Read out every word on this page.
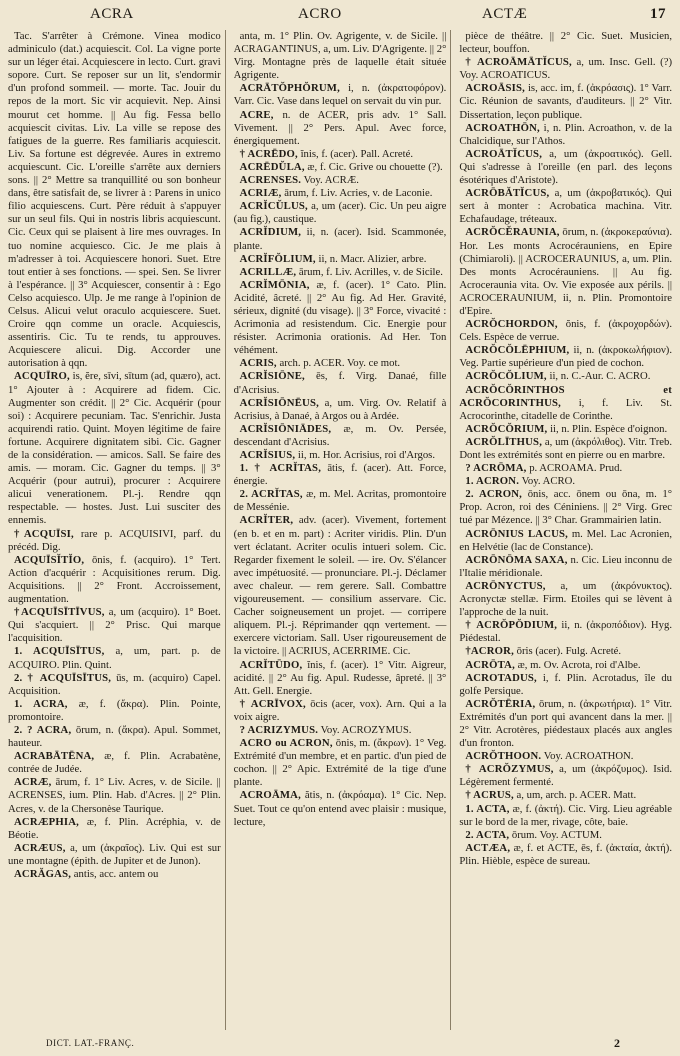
ACRA	ACRO	ACTÆ	17
Tac. S'arrêter à Crémone. Vinea modico adminiculo (dat.) acquiescit. Col. La vigne porte sur un léger étai. Acquiescere in lecto. Curt. gravi sopore. Curt. Se reposer sur un lit, s'endormir d'un profond sommeil. — morte. Tac. Jouir du repos de la mort. Sic vir acquievit. Nep. Ainsi mourut cet homme. || Au fig. Fessa bello acquiescit civitas. Liv. La ville se repose des fatigues de la guerre. Res familiaris acquiescit. Liv. Sa fortune est dégrevée. Aures in extremo acquiescunt. Cic. L'oreille s'arrête aux derniers sons. || 2° Mettre sa tranquillité ou son bonheur dans, être satisfait de, se livrer à : Parens in unico filio acquiescens. Curt. Père réduit à s'appuyer sur un seul fils. Qui in nostris libris acquiescunt. Cic. Ceux qui se plaisent à lire mes ouvrages. In tuo nomine acquiesco. Cic. Je me plais à m'adresser à toi. Acquiescere honori. Suet. Etre tout entier à ses fonctions. — spei. Sen. Se livrer à l'espérance. || 3° Acquiescer, consentir à : Ego Celso acquiesco. Ulp. Je me range à l'opinion de Celsus. Alicui velut oraculo acquiescere. Suet. Croire qqn comme un oracle. Acquiescis, assentiris. Cic. Tu te rends, tu approuves. Acquiescere alicui. Dig. Accorder une autorisation à qqn.
ACQUĪRO, is, ĕre, sīvi, sītum (ad, quæro), act. 1° Ajouter à : Acquirere ad fidem. Cic. Augmenter son crédit. || 2° Cic. Acquérir (pour soi) : Acquirere pecuniam. Tac. S'enrichir. Justa acquirendi ratio. Quint. Moyen légitime de faire fortune. Acquirere dignitatem sibi. Cic. Gagner de la considération. — amicos. Sall. Se faire des amis. — moram. Cic. Gagner du temps. || 3° Acquérir (pour autrui), procurer : Acquirere alicui venerationem. Pl.-j. Rendre qqn respectable. — hostes. Just. Lui susciter des ennemis.
†ACQUĪSI, rare p. ACQUISIVI, parf. du précéd. Dig.
ACQUĪSĬTĬO, ōnis, f. (acquiro). 1° Tert. Action d'acquérir : Acquisitiones rerum. Dig. Acquisitions. || 2° Front. Accroissement, augmentation.
†ACQUĪSĪTĪVUS, a, um (acquiro). 1° Boet. Qui s'acquiert. || 2° Prisc. Qui marque l'acquisition.
1. ACQUĪSĪTUS, a, um, part. p. de ACQUIRO. Plin. Quint.
2. † ACQUĪSĪTUS, ūs, m. (acquiro) Capel. Acquisition.
1. ACRA, æ, f. (ἄκρα). Plin. Pointe, promontoire.
2. ? ACRA, ōrum, n. (ἄκρα). Apul. Sommet, hauteur.
ACRABĀTĒNA, æ, f. Plin. Acrabatène, contrée de Judée.
ACRÆ, ārum, f. 1° Liv. Acres, v. de Sicile. || ACRENSES, ium. Plin. Hab. d'Acres. || 2° Plin. Acres, v. de la Chersonèse Taurique.
ACRÆPHIA, æ, f. Plin. Acréphia, v. de Béotie.
ACRÆUS, a, um (ἀκραῖος). Liv. Qui est sur une montagne (épith. de Jupiter et de Junon).
ACRĂGAS, antis, acc. antem ou
anta, m. 1° Plin. Ov. Agrigente, v. de Sicile. || ACRAGANTINUS, a, um. Liv. D'Agrigente. || 2° Virg. Montagne près de laquelle était située Agrigente.
ACRĀTŎPHŎRUM, i, n. (ἀκρατοφόρον). Varr. Cic. Vase dans lequel on servait du vin pur.
ACRE, n. de ACER, pris adv. 1° Sall. Vivement. || 2° Pers. Apul. Avec force, énergiquement.
† ACRĒDO, ĭnis, f. (acer). Pall. Acreté.
ACRĒDŬLA, æ, f. Cic. Grive ou chouette (?).
ACRENSES. Voy. ACRÆ.
ACRIÆ, ārum, f. Liv. Acries, v. de Laconie.
ACRĬCŬLUS, a, um (acer). Cic. Un peu aigre (au fig.), caustique.
ACRĬDIUM, ii, n. (acer). Isid. Scammonée, plante.
ACRĬFŎLIUM, ii, n. Macr. Alizier, arbre.
ACRILLÆ, ārum, f. Liv. Acrilles, v. de Sicile.
ACRĬMŌNIA, æ, f. (acer). 1° Cato. Plin. Acidité, âcreté. || 2° Au fig. Ad Her. Gravité, sérieux, dignité (du visage). || 3° Force, vivacité : Acrimonia ad resistendum. Cic. Energie pour résister. Acrimonia orationis. Ad Her. Ton véhément.
ACRIS, arch. p. ACER. Voy. ce mot.
ACRĬSIŌNE, ēs, f. Virg. Danaé, fille d'Acrisius.
ACRĬSIŌNĒUS, a, um. Virg. Ov. Relatif à Acrisius, à Danaé, à Argos ou à Ardée.
ACRĬSIŌNIĀDES, æ, m. Ov. Persée, descendant d'Acrisius.
ACRĬSIUS, ii, m. Hor. Acrisius, roi d'Argos.
1. † ACRĬTAS, ātis, f. (acer). Att. Force, énergie.
2. ACRĬTAS, æ, m. Mel. Acritas, promontoire de Messénie.
ACRĬTER, adv. (acer). Vivement, fortement (en b. et en m. part) : Acriter viridis. Plin. D'un vert éclatant. Acriter oculis intueri solem. Cic. Regarder fixement le soleil. — ire. Ov. S'élancer avec impétuosité. — pronunciare. Pl.-j. Déclamer avec chaleur. — rem gerere. Sall. Combattre vigoureusement. — consilium asservare. Cic. Cacher soigneusement un projet. — corripere aliquem. Pl.-j. Réprimander qqn vertement. — exercere victoriam. Sall. User rigoureusement de la victoire. || ACRIUS, ACERRIME. Cic.
ACRĬTŪDO, ĭnis, f. (acer). 1° Vitr. Aigreur, acidité. || 2° Au fig. Apul. Rudesse, âpreté. || 3° Att. Gell. Energie.
† ACRĪVOX, ōcis (acer, vox). Arn. Qui a la voix aigre.
? ACRIZYMUS. Voy. ACROZYMUS.
ACRO ou ACRON, ōnis, m. (ἄκρων). 1° Veg. Extrémité d'un membre, et en partic. d'un pied de cochon. || 2° Apic. Extrémité de la tige d'une plante.
ACROĀMA, ătis, n. (ἀκρόαμα). 1° Cic. Nep. Suet. Tout ce qu'on entend avec plaisir : musique, lecture,
pièce de théâtre. || 2° Cic. Suet. Musicien, lecteur, bouffon.
† ACROĀMĀTĬCUS, a, um. Insc. Gell. (?) Voy. ACROATICUS.
ACROĀSIS, is, acc. im, f. (ἀκρόασις). 1° Varr. Cic. Réunion de savants, d'auditeurs. || 2° Vitr. Dissertation, leçon publique.
ACROATHŌN, i, n. Plin. Acroathon, v. de la Chalcidique, sur l'Athos.
ACROĀTĬCUS, a, um (ἀκροατικός). Gell. Qui s'adresse à l'oreille (en parl. des leçons ésotériques d'Aristote).
ACRŌBĂTĬCUS, a, um (ἀκροβατικός). Qui sert à monter : Acrobatica machina. Vitr. Echafaudage, tréteaux.
ACRŎCĔRAUNIA, ōrum, n. (ἀκροκεραύνια). Hor. Les monts Acrocérauniens, en Epire (Chimiaroli). || ACROCERAUNIUS, a, um. Plin. Des monts Acrocérauniens. || Au fig. Acroceraunia vita. Ov. Vie exposée aux périls. || ACROCERAUNIUM, ii, n. Plin. Promontoire d'Epire.
ACRŎCHORDON, ŏnis, f. (ἀκροχορδών). Cels. Espèce de verrue.
ACRŎCŎLĒPHIUM, ii, n. (ἀκροκωλήφιον). Veg. Partie supérieure d'un pied de cochon.
ACRŎCŎLIUM, ii, n. C.-Aur. C. ACRO.
ACRŎCŎRINTHOS et ACRŎCORINTHUS, i, f. Liv. St. Acrocorinthe, citadelle de Corinthe.
ACRŎCŎRIUM, ii, n. Plin. Espèce d'oignon.
ACRŎLĪTHUS, a, um (ἀκρόλιθος). Vitr. Treb. Dont les extrémités sont en pierre ou en marbre.
? ACRŌMA, p. ACROAMA. Prud.
1. ACRON. Voy. ACRO.
2. ACRON, ōnis, acc. ōnem ou ōna, m. 1° Prop. Acron, roi des Céniniens. || 2° Virg. Grec tué par Mézence. || 3° Char. Grammairien latin.
ACRŌNIUS LACUS, m. Mel. Lac Acronien, en Helvétie (lac de Constance).
ACRŌNŌMA SAXA, n. Cic. Lieu inconnu de l'Italie méridionale.
ACRŌNYCTUS, a, um (ἀκρόνυκτος). Acronyctæ stellæ. Firm. Etoiles qui se lèvent à l'approche de la nuit.
† ACRŎPŎDIUM, ii, n. (ἀκροπόδιον). Hyg. Piédestal.
†ACROR, ōris (acer). Fulg. Acreté.
ACRŌTA, æ, m. Ov. Acrota, roi d'Albe.
ACROTADUS, i, f. Plin. Acrotadus, île du golfe Persique.
ACRŎTĒRIA, ōrum, n. (ἀκρωτήρια). 1° Vitr. Extrémités d'un port qui avancent dans la mer. || 2° Vitr. Acrotères, piédestaux placés aux angles d'un fronton.
ACRŎTHOON. Voy. ACROATHON.
† ACRŎZYMUS, a, um (ἀκρόζυμος). Isid. Légèrement fermenté.
† ACRUS, a, um, arch. p. ACER. Matt.
1. ACTA, æ, f. (ἀκτή). Cic. Virg. Lieu agréable sur le bord de la mer, rivage, côte, baie.
2. ACTA, ōrum. Voy. ACTUM.
ACTÆA, æ, f. et ACTE, ēs, f. (ἀκταία, ἀκτή). Plin. Hièble, espèce de sureau.
DICT. LAT.-FRANÇ.	2
